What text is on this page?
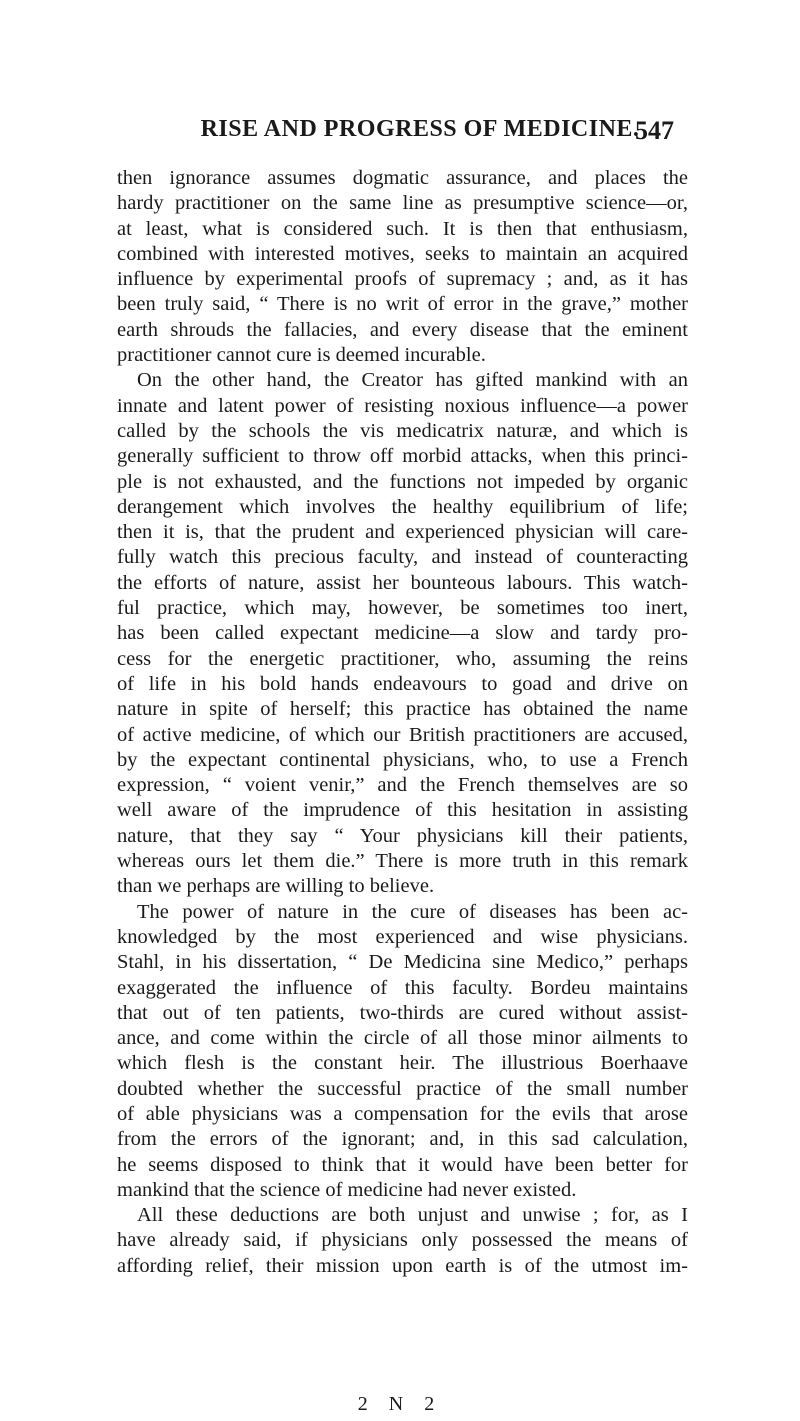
RISE AND PROGRESS OF MEDICINE.
547
then ignorance assumes dogmatic assurance, and places the
hardy practitioner on the same line as presumptive science—or,
at least, what is considered such. It is then that enthusiasm,
combined with interested motives, seeks to maintain an acquired
influence by experimental proofs of supremacy ; and, as it has
been truly said, “ There is no writ of error in the grave,” mother
earth shrouds the fallacies, and every disease that the eminent
practitioner cannot cure is deemed incurable.
On the other hand, the Creator has gifted mankind with an
innate and latent power of resisting noxious influence—a power
called by the schools the vis medicatrix naturæ, and which is
generally sufficient to throw off morbid attacks, when this princi-
ple is not exhausted, and the functions not impeded by organic
derangement which involves the healthy equilibrium of life;
then it is, that the prudent and experienced physician will care-
fully watch this precious faculty, and instead of counteracting
the efforts of nature, assist her bounteous labours. This watch-
ful practice, which may, however, be sometimes too inert,
has been called expectant medicine—a slow and tardy pro-
cess for the energetic practitioner, who, assuming the reins
of life in his bold hands endeavours to goad and drive on
nature in spite of herself; this practice has obtained the name
of active medicine, of which our British practitioners are accused,
by the expectant continental physicians, who, to use a French
expression, “ voient venir,” and the French themselves are so
well aware of the imprudence of this hesitation in assisting
nature, that they say “ Your physicians kill their patients,
whereas ours let them die.” There is more truth in this remark
than we perhaps are willing to believe.
The power of nature in the cure of diseases has been ac-
knowledged by the most experienced and wise physicians.
Stahl, in his dissertation, “ De Medicina sine Medico,” perhaps
exaggerated the influence of this faculty. Bordeu maintains
that out of ten patients, two-thirds are cured without assist-
ance, and come within the circle of all those minor ailments to
which flesh is the constant heir. The illustrious Boerhaave
doubted whether the successful practice of the small number
of able physicians was a compensation for the evils that arose
from the errors of the ignorant; and, in this sad calculation,
he seems disposed to think that it would have been better for
mankind that the science of medicine had never existed.
All these deductions are both unjust and unwise ; for, as I
have already said, if physicians only possessed the means of
affording relief, their mission upon earth is of the utmost im-
2 N 2
